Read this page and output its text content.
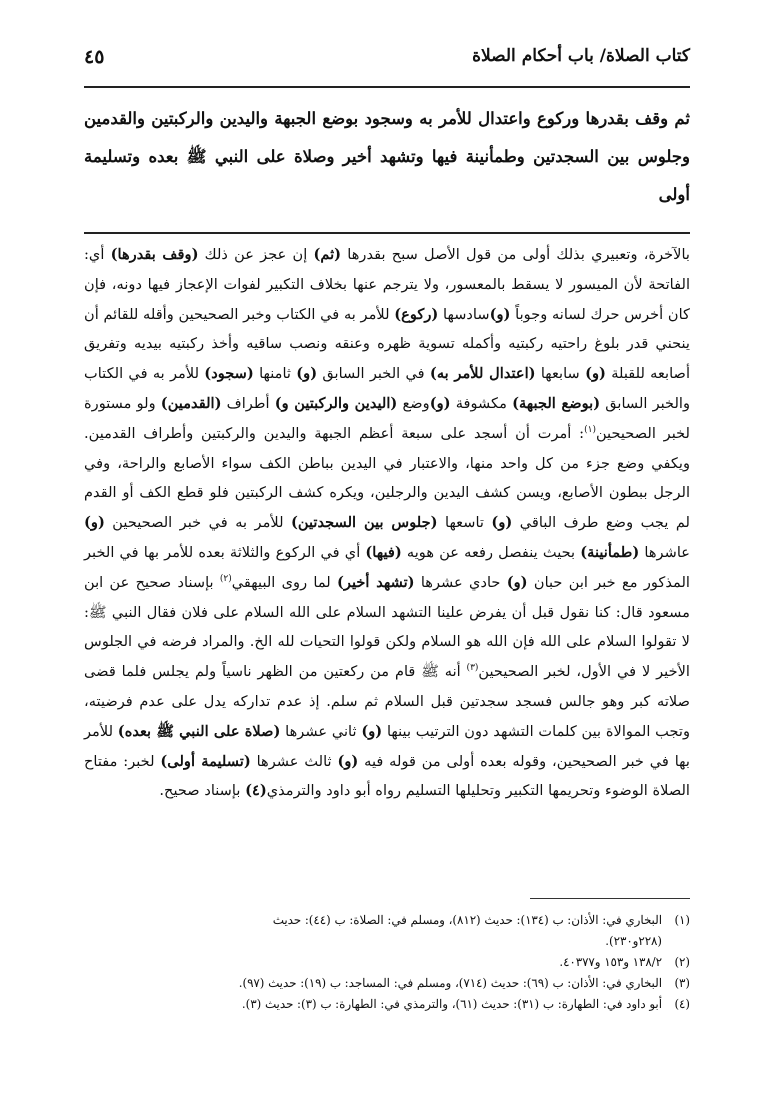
كتاب الصلاة/ باب أحكام الصلاة
٤٥
ثم وقف بقدرها وركوع واعتدال للأمر به وسجود بوضع الجبهة واليدين والركبتين والقدمين وجلوس بين السجدتين وطمأنينة فيها وتشهد أخير وصلاة على النبي ﷺ بعده وتسليمة أولى
بالآخرة، وتعبيري بذلك أولى من قول الأصل سبح بقدرها (ثم) إن عجز عن ذلك (وقف بقدرها) أي: الفاتحة لأن الميسور لا يسقط بالمعسور، ولا يترجم عنها بخلاف التكبير لفوات الإعجاز فيها دونه، فإن كان أخرس حرك لسانه وجوباً (و)سادسها (ركوع) للأمر به في الكتاب وخبر الصحيحين وأقله للقائم أن ينحني قدر بلوغ راحتيه ركبتيه وأكمله تسوية ظهره وعنقه ونصب ساقيه وأخذ ركبتيه بيديه وتفريق أصابعه للقبلة (و) سابعها (اعتدال للأمر به) في الخبر السابق (و) ثامنها (سجود) للأمر به في الكتاب والخبر السابق (بوضع الجبهة) مكشوفة (و)وضع (اليدين والركبتين و) أطراف (القدمين) ولو مستورة لخبر الصحيحين$^{(١)}$: أمرت أن أسجد على سبعة أعظم الجبهة واليدين والركبتين وأطراف القدمين. ويكفي وضع جزء من كل واحد منها، والاعتبار في اليدين بباطن الكف سواء الأصابع والراحة، وفي الرجل ببطون الأصابع، ويسن كشف اليدين والرجلين، ويكره كشف الركبتين فلو قطع الكف أو القدم لم يجب وضع طرف الباقي (و) تاسعها (جلوس بين السجدتين) للأمر به في خبر الصحيحين (و) عاشرها (طمأنينة) بحيث ينفصل رفعه عن هويه (فيها) أي في الركوع والثلاثة بعده للأمر بها في الخبر المذكور مع خبر ابن حبان (و) حادي عشرها (تشهد أخير) لما روى البيهقي$^{(٢)}$ بإسناد صحيح عن ابن مسعود قال: كنا نقول قبل أن يفرض علينا التشهد السلام على الله السلام على فلان فقال النبي ﷺ: لا تقولوا السلام على الله فإن الله هو السلام ولكن قولوا التحيات لله الخ. والمراد فرضه في الجلوس الأخير لا في الأول، لخبر الصحيحين$^{(٣)}$ أنه ﷺ قام من ركعتين من الظهر ناسياً ولم يجلس فلما قضى صلاته كبر وهو جالس فسجد سجدتين قبل السلام ثم سلم. إذ عدم تداركه يدل على عدم فرضيته، وتجب الموالاة بين كلمات التشهد دون الترتيب بينها (و) ثاني عشرها (صلاة على النبي ﷺ بعده) للأمر بها في خبر الصحيحين، وقوله بعده أولى من قوله فيه (و) ثالث عشرها (تسليمة أولى) لخبر: مفتاح الصلاة الوضوء وتحريمها التكبير وتحليلها التسليم رواه أبو داود والترمذي(٤) بإسناد صحيح.
(١)
البخاري في: الأذان: ب (١٣٤): حديث (٨١٢)، ومسلم في: الصلاة: ب (٤٤): حديث
(٢٢٨و٢٣٠).
(٢)
١٣٨/٢ و١٥٣ و٤٠٣٧٧.
(٣)
البخاري في: الأذان: ب (٦٩): حديث (٧١٤)، ومسلم في: المساجد: ب (١٩): حديث (٩٧).
(٤)
أبو داود في: الطهارة: ب (٣١): حديث (٦١)، والترمذي في: الطهارة: ب (٣): حديث (٣).
